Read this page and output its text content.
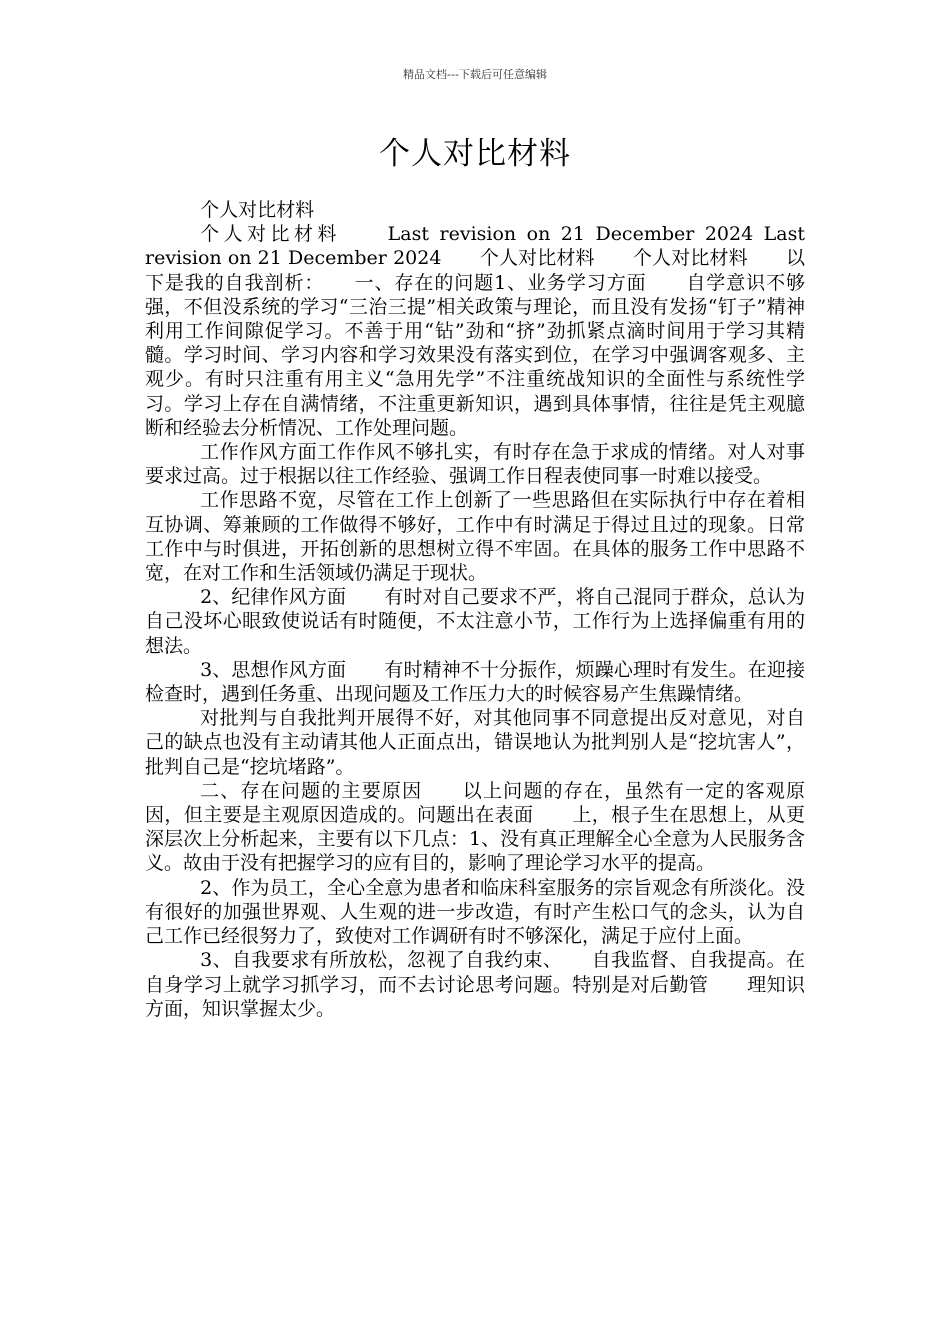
精品文档---下载后可任意编辑
个人对比材料

个人对比材料

个人对比材料　　Last revision on 21 December 2024 Last revision on 21 December 2024　　个人对比材料　　个人对比材料　　以下是我的自我剖析：　　一、存在的问题1、业务学习方面　　自学意识不够强，不但没系统的学习“三治三提”相关政策与理论，而且没有发扬“钉子”精神利用工作间隙促学习。不善于用“钻”劲和“挤”劲抓紧点滴时间用于学习其精髓。学习时间、学习内容和学习效果没有落实到位，在学习中强调客观多、主观少。有时只注重有用主义“急用先学”不注重统战知识的全面性与系统性学习。学习上存在自满情绪，不注重更新知识，遇到具体事情，往往是凭主观臆断和经验去分析情况、工作处理问题。

工作作风方面工作作风不够扎实，有时存在急于求成的情绪。对人对事要求过高。过于根据以往工作经验、强调工作日程表使同事一时难以接受。

工作思路不宽，尽管在工作上创新了一些思路但在实际执行中存在着相互协调、筹兼顾的工作做得不够好，工作中有时满足于得过且过的现象。日常工作中与时俱进，开拓创新的思想树立得不牢固。在具体的服务工作中思路不宽，在对工作和生活领域仍满足于现状。

2、纪律作风方面　　有时对自己要求不严，将自己混同于群众，总认为自己没坏心眼致使说话有时随便，不太注意小节，工作行为上选择偏重有用的想法。

3、思想作风方面　　有时精神不十分振作，烦躁心理时有发生。在迎接检查时，遇到任务重、出现问题及工作压力大的时候容易产生焦躁情绪。

对批判与自我批判开展得不好，对其他同事不同意提出反对意见，对自己的缺点也没有主动请其他人正面点出，错误地认为批判别人是“挖坑害人”，批判自己是“挖坑堵路”。

二、存在问题的主要原因　　以上问题的存在，虽然有一定的客观原因，但主要是主观原因造成的。问题出在表面　　上，根子生在思想上，从更深层次上分析起来，主要有以下几点：1、没有真正理解全心全意为人民服务含义。故由于没有把握学习的应有目的，影响了理论学习水平的提高。

2、作为员工，全心全意为患者和临床科室服务的宗旨观念有所淡化。没有很好的加强世界观、人生观的进一步改造，有时产生松口气的念头，认为自己工作已经很努力了，致使对工作调研有时不够深化，满足于应付上面。

3、自我要求有所放松，忽视了自我约束、　　自我监督、自我提高。在自身学习上就学习抓学习，而不去讨论思考问题。特别是对后勤管　　理知识方面，知识掌握太少。
